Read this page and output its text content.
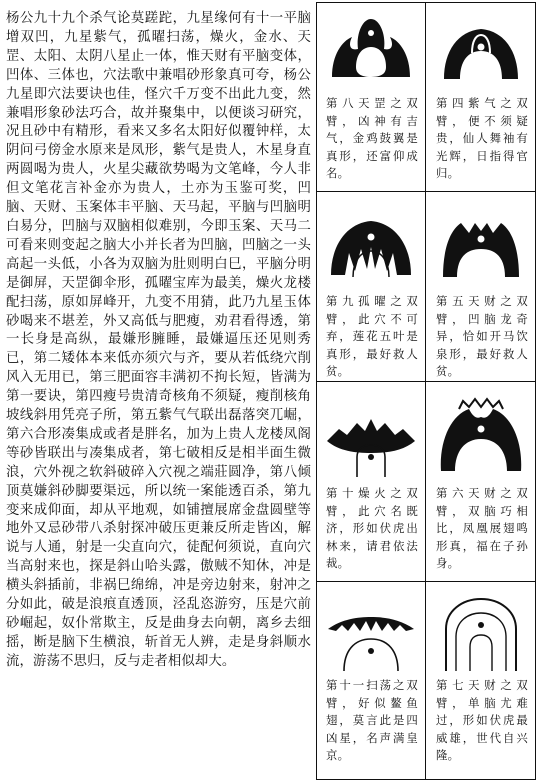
杨公九十九个杀气论莫蹉跎，九星缘何有十一平脑增双凹，九星紫气，孤曜扫荡，燥火，金水、天罡、太阳、太阴八星止一体，惟天财有平脑变体，凹体、三体也，穴法歌中兼唱砂形象真可夸，杨公九星即穴法要诀也佳，怪穴千万变不出此九变，然兼唱形象砂法巧合，故并聚集中，以便谈习研究，况且砂中有精形，看来又多名太阳好似覆钟样，太阴问弓傍金水原来是凤形，紫气是贵人，木星身直两圆喝为贵人，火星尖藏欲势喝为文笔峰，今人非但文笔花言补金亦为贵人，土亦为玉鉴可奖，凹脑、天财、玉案体丰平脑、天马起，平脑与凹脑明白易分，凹脑与双脑相似难别，今即玉案、天马二可看来则变起之脑大小并长者为凹脑，凹脑之一头高起一头低，小各为双脑为肚则明白巳，平脑分明是御屏，天罡御伞形，孤曜宝库为最美，燥火龙楼配扫荡，原如屏峰开，九变不用猜，此乃九星玉体砂喝来不堪差，外又高低与肥瘦，劝君看得透，第一长身是高纵，最嫌形臃睡，最嫌逼压还见则秀已，第二矮体本来低亦须穴与齐，要从若低绕穴削风入无用已，第三肥面容丰满初不拘长短，皆满为第一要诀，第四瘦号贵清奇核角不须疑，瘦削核角坡线斜用凭亮子所，第五紫气气联出磊落突兀崛，第六合形凑集成或者是胖名，加为上贵人龙楼凤阁等砂皆联出与凑集成者，第七破相反是相半面生微浪，穴外视之软斜破碎入穴视之端莊圆净，第八倾顶莫嫌斜砂脚要渠远，所以统一案能透百杀，第九变来成仰面，却从平地观，如铺擅展席金盘圆壁等地外又忌砂带八杀射探冲破压更兼反所走皆凶，解说与人通，射是一尖直向穴，徒配何须说，直向穴当高射来也，探是斜山哈头露，傲贼不知休，冲是横头斜插前，非祸巳绵绵，冲是旁边射来，射冲之分如此，破是浪痕直透顶，泾乱恣游穷，压是穴前砂崛起，奴仆常欺主，反是曲身去向朝，离乡去细摇，断是脑下生横浪，斩首无人辨，走是身斜顺水流，游荡不思归，反与走者相似却大。
第八天罡之双臂，凶神有吉气，金鸡鼓翼是真形，还富仰成名。
第四紫气之双臂，便不须疑贵，仙人舞袖有光辉，日指得官归。
第九孤曜之双臂，此穴不可弃，莲花五叶是真形，最好救人贫。
第五天财之双臂，凹脑龙奇异，恰如开马饮泉形，最好救人贫。
第十燥火之双臂，此穴名既济，形如伏虎出林来，请君依法裁。
第六天财之双臂，双脑巧相比，凤凰展翅鸣形真，福在子孙身。
第十一扫荡之双臂，好似鳌鱼翅，莫言此是四凶星，名声满皇京。
第七天财之双臂，单脑尤难过，形如伏虎最威雄，世代自兴隆。
